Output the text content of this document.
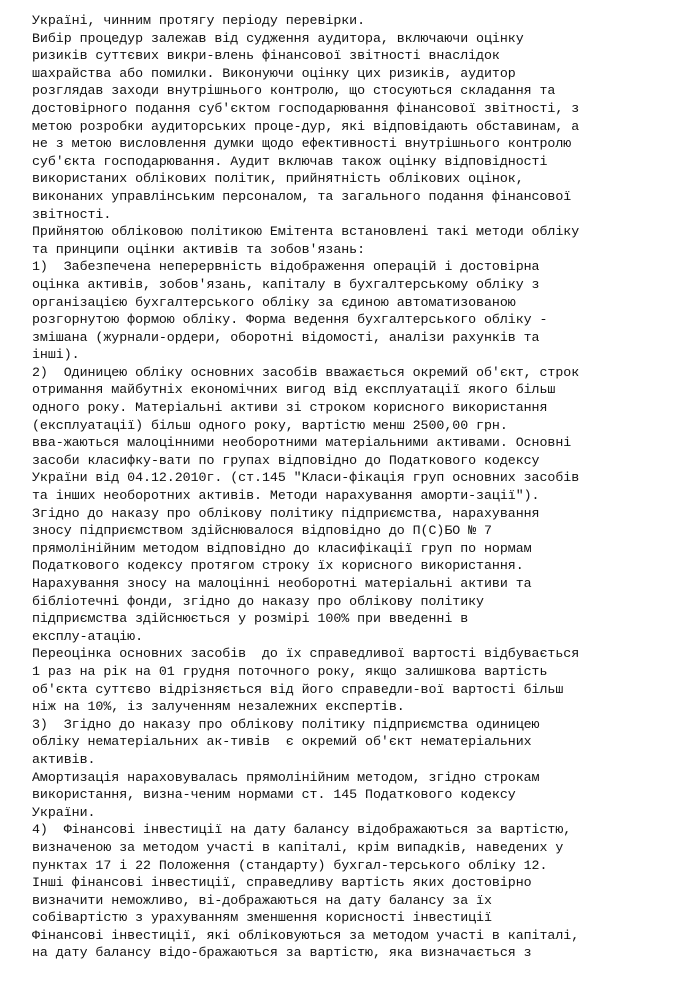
Україні, чинним протягу періоду перевірки.
Вибір процедур залежав від судження аудитора, включаючи оцінку
ризиків суттєвих викри-влень фінансової звітності внаслідок
шахрайства або помилки. Виконуючи оцінку цих ризиків, аудитор
розглядав заходи внутрішнього контролю, що стосуються складання та
достовірного подання суб'єктом господарювання фінансової звітності, з
метою розробки аудиторських проце-дур, які відповідають обставинам, а
не з метою висловлення думки щодо ефективності внутрішнього контролю
суб'єкта господарювання. Аудит включав також оцінку відповідності
використаних облікових політик, прийнятність облікових оцінок,
виконаних управлінським персоналом, та загального подання фінансової
звітності.
Прийнятою обліковою політикою Емітента встановлені такі методи обліку
та принципи оцінки активів та зобов'язань:
1)  Забезпечена неперервність відображення операцій і достовірна
оцінка активів, зобов'язань, капіталу в бухгалтерському обліку з
організацією бухгалтерського обліку за єдиною автоматизованою
розгорнутою формою обліку. Форма ведення бухгалтерського обліку -
змішана (журнали-ордери, оборотні відомості, аналізи рахунків та
інші).
2)  Одиницею обліку основних засобів вважається окремий об'єкт, строк
отримання майбутніх економічних вигод від експлуатації якого більш
одного року. Матеріальні активи зі строком корисного використання
(експлуатації) більш одного року, вартістю менш 2500,00 грн.
вва-жаються малоцінними необоротними матеріальними активами. Основні
засоби класифку-вати по групах відповідно до Податкового кодексу
України від 04.12.2010г. (ст.145 "Класи-фікація груп основних засобів
та інших необоротних активів. Методи нарахування аморти-зації").
Згідно до наказу про облікову політику підприємства, нарахування
зносу підприємством здійснювалося відповідно до П(С)БО № 7
прямолінійним методом відповідно до класифікації груп по нормам
Податкового кодексу протягом строку їх корисного використання.
Нарахування зносу на малоцінні необоротні матеріальні активи та
бібліотечні фонди, згідно до наказу про облікову політику
підприємства здійснюється у розмірі 100% при введенні в
експлу-атацію.
Переоцінка основних засобів  до їх справедливої вартості відбувається
1 раз на рік на 01 грудня поточного року, якщо залишкова вартість
об'єкта суттєво відрізняється від його справедли-вої вартості більш
ніж на 10%, із залученням незалежних експертів.
3)  Згідно до наказу про облікову політику підприємства одиницею
обліку нематеріальних ак-тивів  є окремий об'єкт нематеріальних
активів.
Амортизація нараховувалась прямолінійним методом, згідно строкам
використання, визна-ченим нормами ст. 145 Податкового кодексу
України.
4)  Фінансові інвестиції на дату балансу відображаються за вартістю,
визначеною за методом участі в капіталі, крім випадків, наведених у
пунктах 17 і 22 Положення (стандарту) бухгал-терського обліку 12.
Інші фінансові інвестиції, справедливу вартість яких достовірно
визначити неможливо, ві-дображаються на дату балансу за їх
собівартістю з урахуванням зменшення корисності інвестиції
Фінансові інвестиції, які обліковуються за методом участі в капіталі,
на дату балансу відо-бражаються за вартістю, яка визначається з
